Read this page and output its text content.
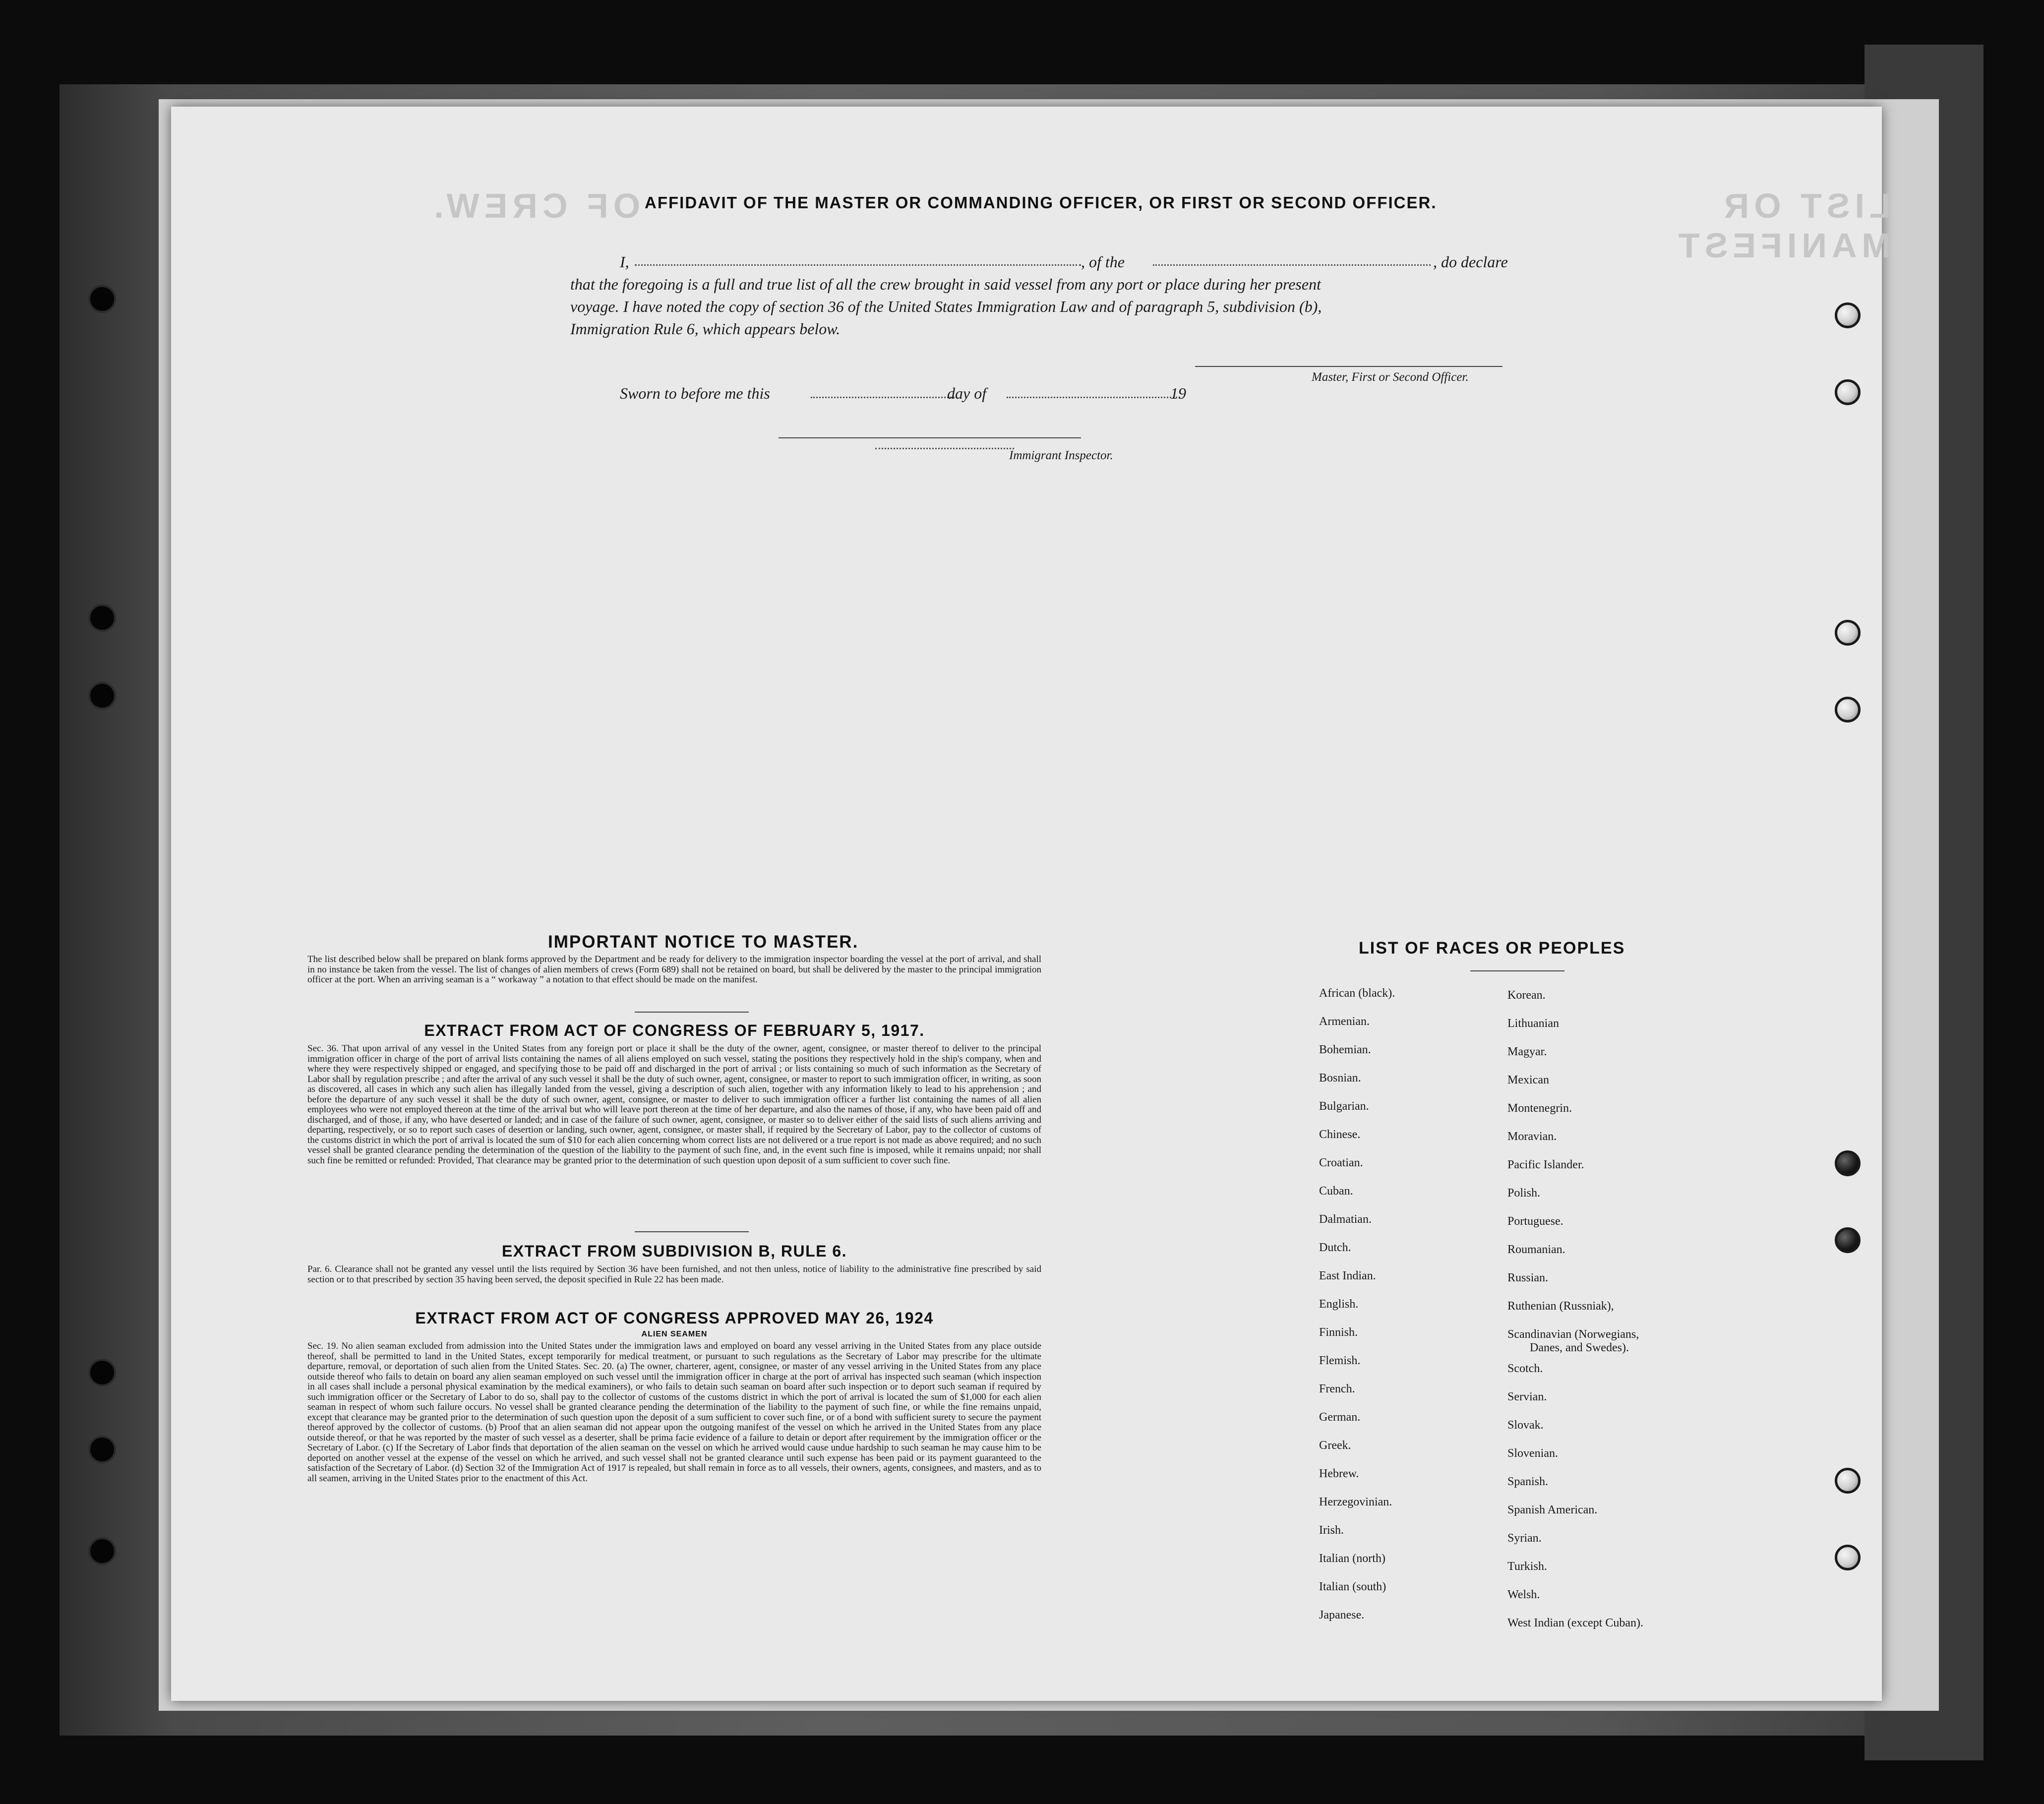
LIST OR MANIFEST
OF CREW. AFFIDAVIT OF THE MASTER OR COMMANDING OFFICER, OR FIRST OR SECOND OFFICER.
I,	, of the	, do declare
that the foregoing is a full and true list of all the crew brought in said vessel from any port or place during her present
voyage. I have noted the copy of section 36 of the United States Immigration Law and of paragraph 5, subdivision (b),
Immigration Rule 6, which appears below.
Master, First or Second Officer.
Sworn to before me this	day of	19
Immigrant Inspector.
IMPORTANT NOTICE TO MASTER.
The list described below shall be prepared on blank forms approved by the Department and be ready for delivery to the immigration inspector boarding the vessel at the port of arrival, and shall in no instance be taken from the vessel. The list of changes of alien members of crews (Form 689) shall not be retained on board, but shall be delivered by the master to the principal immigration officer at the port. When an arriving seaman is a “ workaway ” a notation to that effect should be made on the manifest.
EXTRACT FROM ACT OF CONGRESS OF FEBRUARY 5, 1917.
Sec. 36. That upon arrival of any vessel in the United States from any foreign port or place it shall be the duty of the owner, agent, consignee, or master thereof to deliver to the principal immigration officer in charge of the port of arrival lists containing the names of all aliens employed on such vessel, stating the positions they respectively hold in the ship's company, when and where they were respectively shipped or engaged, and specifying those to be paid off and discharged in the port of arrival ; or lists containing so much of such information as the Secretary of Labor shall by regulation prescribe ; and after the arrival of any such vessel it shall be the duty of such owner, agent, consignee, or master to report to such immigration officer, in writing, as soon as discovered, all cases in which any such alien has illegally landed from the vessel, giving a description of such alien, together with any information likely to lead to his apprehension ; and before the departure of any such vessel it shall be the duty of such owner, agent, consignee, or master to deliver to such immigration officer a further list containing the names of all alien employees who were not employed thereon at the time of the arrival but who will leave port thereon at the time of her departure, and also the names of those, if any, who have been paid off and discharged, and of those, if any, who have deserted or landed; and in case of the failure of such owner, agent, consignee, or master so to deliver either of the said lists of such aliens arriving and departing, respectively, or so to report such cases of desertion or landing, such owner, agent, consignee, or master shall, if required by the Secretary of Labor, pay to the collector of customs of the customs district in which the port of arrival is located the sum of $10 for each alien concerning whom correct lists are not delivered or a true report is not made as above required; and no such vessel shall be granted clearance pending the determination of the question of the liability to the payment of such fine, and, in the event such fine is imposed, while it remains unpaid; nor shall such fine be remitted or refunded: Provided, That clearance may be granted prior to the determination of such question upon deposit of a sum sufficient to cover such fine.
EXTRACT FROM SUBDIVISION B, RULE 6.
Par. 6. Clearance shall not be granted any vessel until the lists required by Section 36 have been furnished, and not then unless, notice of liability to the administrative fine prescribed by said section or to that prescribed by section 35 having been served, the deposit specified in Rule 22 has been made.
EXTRACT FROM ACT OF CONGRESS APPROVED MAY 26, 1924
ALIEN SEAMEN
Sec. 19. No alien seaman excluded from admission into the United States under the immigration laws and employed on board any vessel arriving in the United States from any place outside thereof, shall be permitted to land in the United States, except temporarily for medical treatment, or pursuant to such regulations as the Secretary of Labor may prescribe for the ultimate departure, removal, or deportation of such alien from the United States. Sec. 20. (a) The owner, charterer, agent, consignee, or master of any vessel arriving in the United States from any place outside thereof who fails to detain on board any alien seaman employed on such vessel until the immigration officer in charge at the port of arrival has inspected such seaman (which inspection in all cases shall include a personal physical examination by the medical examiners), or who fails to detain such seaman on board after such inspection or to deport such seaman if required by such immigration officer or the Secretary of Labor to do so, shall pay to the collector of customs of the customs district in which the port of arrival is located the sum of $1,000 for each alien seaman in respect of whom such failure occurs. No vessel shall be granted clearance pending the determination of the liability to the payment of such fine, or while the fine remains unpaid, except that clearance may be granted prior to the determination of such question upon the deposit of a sum sufficient to cover such fine, or of a bond with sufficient surety to secure the payment thereof approved by the collector of customs. (b) Proof that an alien seaman did not appear upon the outgoing manifest of the vessel on which he arrived in the United States from any place outside thereof, or that he was reported by the master of such vessel as a deserter, shall be prima facie evidence of a failure to detain or deport after requirement by the immigration officer or the Secretary of Labor. (c) If the Secretary of Labor finds that deportation of the alien seaman on the vessel on which he arrived would cause undue hardship to such seaman he may cause him to be deported on another vessel at the expense of the vessel on which he arrived, and such vessel shall not be granted clearance until such expense has been paid or its payment guaranteed to the satisfaction of the Secretary of Labor. (d) Section 32 of the Immigration Act of 1917 is repealed, but shall remain in force as to all vessels, their owners, agents, consignees, and masters, and as to all seamen, arriving in the United States prior to the enactment of this Act.
LIST OF RACES OR PEOPLES
African (black).
Armenian.
Bohemian.
Bosnian.
Bulgarian.
Chinese.
Croatian.
Cuban.
Dalmatian.
Dutch.
East Indian.
English.
Finnish.
Flemish.
French.
German.
Greek.
Hebrew.
Herzegovinian.
Irish.
Italian (north)
Italian (south)
Japanese.
Korean.
Lithuanian
Magyar.
Mexican
Montenegrin.
Moravian.
Pacific Islander.
Polish.
Portuguese.
Roumanian.
Russian.
Ruthenian (Russniak),
Scandinavian (Norwegians,
Danes, and Swedes).
Scotch.
Servian.
Slovak.
Slovenian.
Spanish.
Spanish American.
Syrian.
Turkish.
Welsh.
West Indian (except Cuban).
